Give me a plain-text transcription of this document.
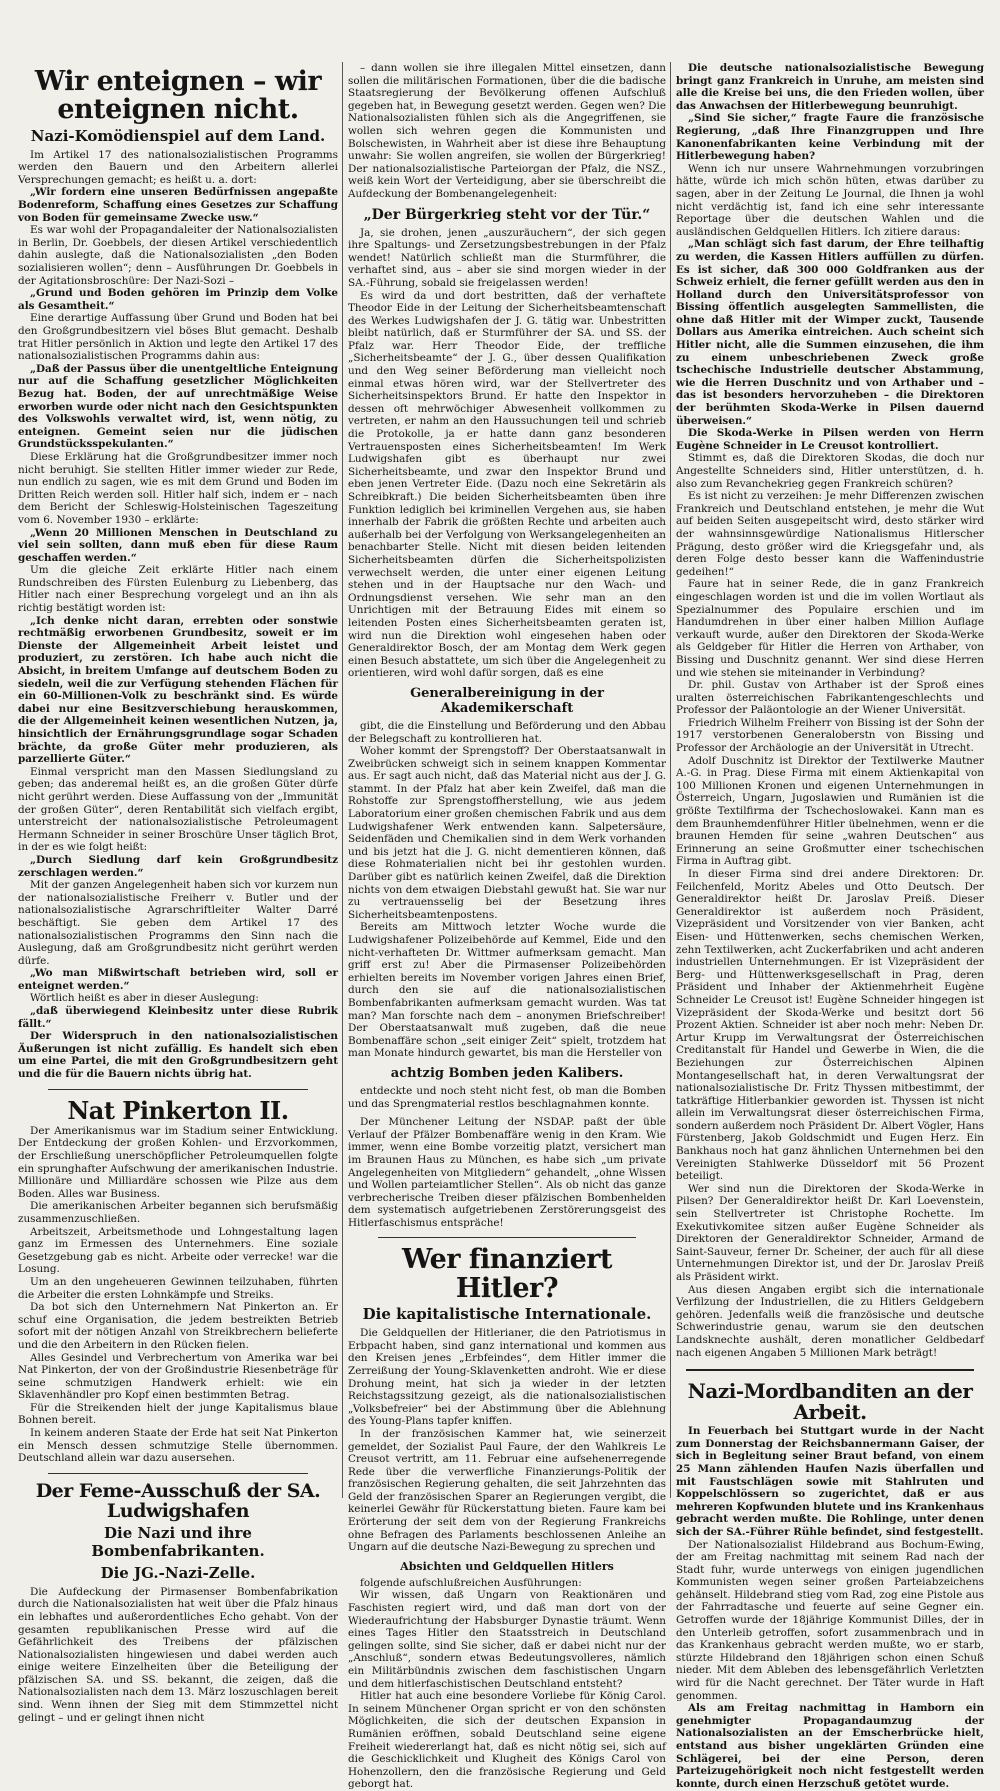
Wir enteignen – wir enteignen nicht.
Nazi-Komödienspiel auf dem Land.

Im Artikel 17 des nationalsozialistischen Programms werden den Bauern und den Arbeitern allerlei Versprechungen gemacht; es heißt u. a. dort:

„Wir fordern eine unseren Bedürfnissen angepaßte Bodenreform, Schaffung eines Gesetzes zur Schaffung von Boden für gemeinsame Zwecke usw.“

Es war wohl der Propagandaleiter der Nationalsozialisten in Berlin, Dr. Goebbels, der diesen Artikel verschiedentlich dahin auslegte, daß die Nationalsozialisten „den Boden sozialisieren wollen“; denn – Ausführungen Dr. Goebbels in der Agitationsbroschüre: Der Nazi-Sozi –

„Grund und Boden gehören im Prinzip dem Volke als Gesamtheit.“

Eine derartige Auffassung über Grund und Boden hat bei den Großgrundbesitzern viel böses Blut gemacht. Deshalb trat Hitler persönlich in Aktion und legte den Artikel 17 des nationalsozialistischen Programms dahin aus:

„Daß der Passus über die unentgeltliche Enteignung nur auf die Schaffung gesetzlicher Möglichkeiten Bezug hat. Boden, der auf unrechtmäßige Weise erworben wurde oder nicht nach den Gesichtspunkten des Volkswohls verwaltet wird, ist, wenn nötig, zu enteignen. Gemeint seien nur die jüdischen Grundstücksspekulanten.“

Diese Erklärung hat die Großgrundbesitzer immer noch nicht beruhigt. Sie stellten Hitler immer wieder zur Rede, nun endlich zu sagen, wie es mit dem Grund und Boden im Dritten Reich werden soll. Hitler half sich, indem er – nach dem Bericht der Schleswig-Holsteinischen Tageszeitung vom 6. November 1930 – erklärte:

„Wenn 20 Millionen Menschen in Deutschland zu viel sein sollten, dann muß eben für diese Raum geschaffen werden.“

Um die gleiche Zeit erklärte Hitler nach einem Rundschreiben des Fürsten Eulenburg zu Liebenberg, das Hitler nach einer Besprechung vorgelegt und an ihn als richtig bestätigt worden ist:

„Ich denke nicht daran, errebten oder sonstwie rechtmäßig erworbenen Grundbesitz, soweit er im Dienste der Allgemeinheit Arbeit leistet und produziert, zu zerstören. Ich habe auch nicht die Absicht, in breitem Umfange auf deutschem Boden zu siedeln, weil die zur Verfügung stehenden Flächen für ein 60-Millionen-Volk zu beschränkt sind. Es würde dabei nur eine Besitzverschiebung herauskommen, die der Allgemeinheit keinen wesentlichen Nutzen, ja, hinsichtlich der Ernährungsgrundlage sogar Schaden brächte, da große Güter mehr produzieren, als parzellierte Güter.“

Einmal verspricht man den Massen Siedlungsland zu geben; das anderemal heißt es, an die großen Güter dürfe nicht gerührt werden. Diese Auffassung von der „Immunität der großen Güter“, deren Rentabilität sich vielfach ergibt, unterstreicht der nationalsozialistische Petroleumagent Hermann Schneider in seiner Broschüre Unser täglich Brot, in der es wie folgt heißt:

„Durch Siedlung darf kein Großgrundbesitz zerschlagen werden.“

Mit der ganzen Angelegenheit haben sich vor kurzem nun der nationalsozialistische Freiherr v. Butler und der nationalsozialistische Agrarschriftleiter Walter Darré beschäftigt. Sie geben dem Artikel 17 des nationalsozialistischen Programms den Sinn nach die Auslegung, daß am Großgrundbesitz nicht gerührt werden dürfe.

„Wo man Mißwirtschaft betrieben wird, soll er enteignet werden.“

Wörtlich heißt es aber in dieser Auslegung:

„daß überwiegend Kleinbesitz unter diese Rubrik fällt.“

Der Widerspruch in den nationalsozialistischen Äußerungen ist nicht zufällig. Es handelt sich eben um eine Partei, die mit den Großgrundbesitzern geht und die für die Bauern nichts übrig hat.

Nat Pinkerton II.

Der Amerikanismus war im Stadium seiner Entwicklung. Der Entdeckung der großen Kohlen- und Erzvorkommen, der Erschließung unerschöpflicher Petroleumquellen folgte ein sprunghafter Aufschwung der amerikanischen Industrie. Millionäre und Milliardäre schossen wie Pilze aus dem Boden. Alles war Business.

Die amerikanischen Arbeiter begannen sich berufsmäßig zusammenzuschließen.

Arbeitszeit, Arbeitsmethode und Lohngestaltung lagen ganz im Ermessen des Unternehmers. Eine soziale Gesetzgebung gab es nicht. Arbeite oder verrecke! war die Losung.

Um an den ungeheueren Gewinnen teilzuhaben, führten die Arbeiter die ersten Lohnkämpfe und Streiks.

Da bot sich den Unternehmern Nat Pinkerton an. Er schuf eine Organisation, die jedem bestreikten Betrieb sofort mit der nötigen Anzahl von Streikbrechern belieferte und die den Arbeitern in den Rücken fielen.

Alles Gesindel und Verbrechertum von Amerika war bei Nat Pinkerton, der von der Großindustrie Riesenbeträge für seine schmutzigen Handwerk erhielt: wie ein Sklavenhändler pro Kopf einen bestimmten Betrag.

Für die Streikenden hielt der junge Kapitalismus blaue Bohnen bereit.

In keinem anderen Staate der Erde hat seit Nat Pinkerton ein Mensch dessen schmutzige Stelle übernommen. Deutschland allein war dazu ausersehen.

Der Feme-Ausschuß der SA. Ludwigshafen
Die Nazi und ihre Bombenfabrikanten.
Die JG.-Nazi-Zelle.

Die Aufdeckung der Pirmasenser Bombenfabrikation durch die Nationalsozialisten hat weit über die Pfalz hinaus ein lebhaftes und außerordentliches Echo gehabt. Von der gesamten republikanischen Presse wird auf die Gefährlichkeit des Treibens der pfälzischen Nationalsozialisten hingewiesen und dabei werden auch einige weitere Einzelheiten über die Beteiligung der pfälzischen SA. und SS. bekannt, die zeigen, daß die Nationalsozialisten nach dem 13. März loszuschlagen bereit sind. Wenn ihnen der Sieg mit dem Stimmzettel nicht gelingt – und er gelingt ihnen nicht

– dann wollen sie ihre illegalen Mittel einsetzen, dann sollen die militärischen Formationen, über die die badische Staatsregierung der Bevölkerung offenen Aufschluß gegeben hat, in Bewegung gesetzt werden. Gegen wen? Die Nationalsozialisten fühlen sich als die Angegriffenen, sie wollen sich wehren gegen die Kommunisten und Bolschewisten, in Wahrheit aber ist diese ihre Behauptung unwahr: Sie wollen angreifen, sie wollen der Bürgerkrieg! Der nationalsozialistische Parteiorgan der Pfalz, die NSZ., weiß kein Wort der Verteidigung, aber sie überschreibt die Aufdeckung der Bombenangelegenheit:

„Der Bürgerkrieg steht vor der Tür.“

Ja, sie drohen, jenen „auszuräuchern“, der sich gegen ihre Spaltungs- und Zersetzungsbestrebungen in der Pfalz wendet! Natürlich schließt man die Sturmführer, die verhaftet sind, aus – aber sie sind morgen wieder in der SA.-Führung, sobald sie freigelassen werden!

Es wird da und dort bestritten, daß der verhaftete Theodor Eide in der Leitung der Sicherheitsbeamtenschaft des Werkes Ludwigshafen der J. G. tätig war. Unbestritten bleibt natürlich, daß er Sturmführer der SA. und SS. der Pfalz war. Herr Theodor Eide, der treffliche „Sicherheitsbeamte“ der J. G., über dessen Qualifikation und den Weg seiner Beförderung man vielleicht noch einmal etwas hören wird, war der Stellvertreter des Sicherheitsinspektors Brund. Er hatte den Inspektor in dessen oft mehrwöchiger Abwesenheit vollkommen zu vertreten, er nahm an den Haussuchungen teil und schrieb die Protokolle, ja er hatte dann ganz besonderen Vertrauensposten eines Sicherheitsbeamten! Im Werk Ludwigshafen gibt es überhaupt nur zwei Sicherheitsbeamte, und zwar den Inspektor Brund und eben jenen Vertreter Eide. (Dazu noch eine Sekretärin als Schreibkraft.) Die beiden Sicherheitsbeamten üben ihre Funktion lediglich bei kriminellen Vergehen aus, sie haben innerhalb der Fabrik die größten Rechte und arbeiten auch außerhalb bei der Verfolgung von Werksangelegenheiten an benachbarter Stelle. Nicht mit diesen beiden leitenden Sicherheitsbeamten dürfen die Sicherheitspolizisten verwechselt werden, die unter einer eigenen Leitung stehen und in der Hauptsache nur den Wach- und Ordnungsdienst versehen. Wie sehr man an den Unrichtigen mit der Betrauung Eides mit einem so leitenden Posten eines Sicherheitsbeamten geraten ist, wird nun die Direktion wohl eingesehen haben oder Generaldirektor Bosch, der am Montag dem Werk gegen einen Besuch abstattete, um sich über die Angelegenheit zu orientieren, wird wohl dafür sorgen, daß es eine

Generalbereinigung in der Akademikerschaft

gibt, die die Einstellung und Beförderung und den Abbau der Belegschaft zu kontrollieren hat.

Woher kommt der Sprengstoff? Der Oberstaatsanwalt in Zweibrücken schweigt sich in seinem knappen Kommentar aus. Er sagt auch nicht, daß das Material nicht aus der J. G. stammt. In der Pfalz hat aber kein Zweifel, daß man die Rohstoffe zur Sprengstoffherstellung, wie aus jedem Laboratorium einer großen chemischen Fabrik und aus dem Ludwigshafener Werk entwenden kann. Salpetersäure, Seidenfäden und Chemikalien sind in dem Werk vorhanden und bis jetzt hat die J. G. nicht dementieren können, daß diese Rohmaterialien nicht bei ihr gestohlen wurden. Darüber gibt es natürlich keinen Zweifel, daß die Direktion nichts von dem etwaigen Diebstahl gewußt hat. Sie war nur zu vertrauensselig bei der Besetzung ihres Sicherheitsbeamtenpostens.

Bereits am Mittwoch letzter Woche wurde die Ludwigshafener Polizeibehörde auf Kemmel, Eide und den nicht-verhafteten Dr. Wittmer aufmerksam gemacht. Man griff erst zu! Aber die Pirmasenser Polizeibehörden erhielten bereits im November vorigen Jahres einen Brief, durch den sie auf die nationalsozialistischen Bombenfabrikanten aufmerksam gemacht wurden. Was tat man? Man forschte nach dem – anonymen Briefschreiber! Der Oberstaatsanwalt muß zugeben, daß die neue Bombenaffäre schon „seit einiger Zeit“ spielt, trotzdem hat man Monate hindurch gewartet, bis man die Hersteller von

achtzig Bomben jeden Kalibers.

entdeckte und noch steht nicht fest, ob man die Bomben und das Sprengmaterial restlos beschlagnahmen konnte.

Der Münchener Leitung der NSDAP. paßt der üble Verlauf der Pfälzer Bombenaffäre wenig in den Kram. Wie immer, wenn eine Bombe vorzeitig platzt, versichert man im Braunen Haus zu München, es habe sich „um private Angelegenheiten von Mitgliedern“ gehandelt, „ohne Wissen und Wollen parteiamtlicher Stellen“. Als ob nicht das ganze verbrecherische Treiben dieser pfälzischen Bombenhelden dem systematisch aufgetriebenen Zerstörerungsgeist des Hitlerfaschismus entspräche!

Wer finanziert Hitler?
Die kapitalistische Internationale.

Die Geldquellen der Hitlerianer, die den Patriotismus in Erbpacht haben, sind ganz international und kommen aus den Kreisen jenes „Erbfeindes“, dem Hitler immer die Zerreißung der Young-Sklavenketten androht. Wie er diese Drohung meint, hat sich ja wieder in der letzten Reichstagssitzung gezeigt, als die nationalsozialistischen „Volksbefreier“ bei der Abstimmung über die Ablehnung des Young-Plans tapfer kniffen.

In der französischen Kammer hat, wie seinerzeit gemeldet, der Sozialist Paul Faure, der den Wahlkreis Le Creusot vertritt, am 11. Februar eine aufsehenerregende Rede über die verwerfliche Finanzierungs-Politik der französischen Regierung gehalten, die seit Jahrzehnten das Geld der französischen Sparer an Regierungen vergibt, die keinerlei Gewähr für Rückerstattung bieten. Faure kam bei Erörterung der seit dem von der Regierung Frankreichs ohne Befragen des Parlaments beschlossenen Anleihe an Ungarn auf die deutsche Nazi-Bewegung zu sprechen und

Absichten und Geldquellen Hitlers

folgende aufschlußreichen Ausführungen:

Wir wissen, daß Ungarn von Reaktionären und Faschisten regiert wird, und daß man dort von der Wiederaufrichtung der Habsburger Dynastie träumt. Wenn eines Tages Hitler den Staatsstreich in Deutschland gelingen sollte, sind Sie sicher, daß er dabei nicht nur der „Anschluß“, sondern etwas Bedeutungsvolleres, nämlich ein Militärbündnis zwischen dem faschistischen Ungarn und dem hitlerfaschistischen Deutschland entsteht?

Hitler hat auch eine besondere Vorliebe für König Carol. In seinem Münchener Organ spricht er von den schönsten Möglichkeiten, die sich der deutschen Expansion in Rumänien eröffnen, sobald Deutschland seine eigene Freiheit wiedererlangt hat, daß es nicht nötig sei, sich auf die Geschicklichkeit und Klugheit des Königs Carol von Hohenzollern, den die französische Regierung und Geld geborgt hat.

Die deutsche nationalsozialistische Bewegung bringt ganz Frankreich in Unruhe, am meisten sind alle die Kreise bei uns, die den Frieden wollen, über das Anwachsen der Hitlerbewegung beunruhigt.

„Sind Sie sicher,“ fragte Faure die französische Regierung, „daß Ihre Finanzgruppen und Ihre Kanonenfabrikanten keine Verbindung mit der Hitlerbewegung haben?

Wenn ich nur unsere Wahrnehmungen vorzubringen hätte, würde ich mich schön hüten, etwas darüber zu sagen, aber in der Zeitung Le Journal, die Ihnen ja wohl nicht verdächtig ist, fand ich eine sehr interessante Reportage über die deutschen Wahlen und die ausländischen Geldquellen Hitlers. Ich zitiere daraus:

„Man schlägt sich fast darum, der Ehre teilhaftig zu werden, die Kassen Hitlers auffüllen zu dürfen. Es ist sicher, daß 300 000 Goldfranken aus der Schweiz erhielt, die ferner gefüllt werden aus den in Holland durch den Universitätsprofessor von Bissing öffentlich ausgelegten Sammellisten, die ohne daß Hitler mit der Wimper zuckt, Tausende Dollars aus Amerika eintreichen. Auch scheint sich Hitler nicht, alle die Summen einzusehen, die ihm zu einem unbeschriebenen Zweck große tschechische Industrielle deutscher Abstammung, wie die Herren Duschnitz und von Arthaber und – das ist besonders hervorzuheben – die Direktoren der berühmten Skoda-Werke in Pilsen dauernd überweisen.“

Die Skoda-Werke in Pilsen werden von Herrn Eugène Schneider in Le Creusot kontrolliert.

Stimmt es, daß die Direktoren Skodas, die doch nur Angestellte Schneiders sind, Hitler unterstützen, d. h. also zum Revanchekrieg gegen Frankreich schüren?

Es ist nicht zu verzeihen: Je mehr Differenzen zwischen Frankreich und Deutschland entstehen, je mehr die Wut auf beiden Seiten ausgepeitscht wird, desto stärker wird der wahnsinnsgewürdige Nationalismus Hitlerscher Prägung, desto größer wird die Kriegsgefahr und, als deren Folge desto besser kann die Waffenindustrie gedeihen!“

Faure hat in seiner Rede, die in ganz Frankreich eingeschlagen worden ist und die im vollen Wortlaut als Spezialnummer des Populaire erschien und im Handumdrehen in über einer halben Million Auflage verkauft wurde, außer den Direktoren der Skoda-Werke als Geldgeber für Hitler die Herren von Arthaber, von Bissing und Duschnitz genannt. Wer sind diese Herren und wie stehen sie miteinander in Verbindung?

Dr. phil. Gustav von Arthaber ist der Sproß eines uralten österreichischen Fabrikantengeschlechts und Professor der Paläontologie an der Wiener Universität.

Friedrich Wilhelm Freiherr von Bissing ist der Sohn der 1917 verstorbenen Generaloberstn von Bissing und Professor der Archäologie an der Universität in Utrecht.

Adolf Duschnitz ist Direktor der Textilwerke Mautner A.-G. in Prag. Diese Firma mit einem Aktienkapital von 100 Millionen Kronen und eigenen Unternehmungen in Österreich, Ungarn, Jugoslawien und Rumänien ist die größte Textilfirma der Tschechoslowakei. Kann man es dem Braunhemdenführer Hitler übelnehmen, wenn er die braunen Hemden für seine „wahren Deutschen“ aus Erinnerung an seine Großmutter einer tschechischen Firma in Auftrag gibt.

In dieser Firma sind drei andere Direktoren: Dr. Feilchenfeld, Moritz Abeles und Otto Deutsch. Der Generaldirektor heißt Dr. Jaroslav Preiß. Dieser Generaldirektor ist außerdem noch Präsident, Vizepräsident und Vorsitzender von vier Banken, acht Eisen- und Hüttenwerken, sechs chemischen Werken, zehn Textilwerken, acht Zuckerfabriken und acht anderen industriellen Unternehmungen. Er ist Vizepräsident der Berg- und Hüttenwerksgesellschaft in Prag, deren Präsident und Inhaber der Aktienmehrheit Eugène Schneider Le Creusot ist! Eugène Schneider hingegen ist Vizepräsident der Skoda-Werke und besitzt dort 56 Prozent Aktien. Schneider ist aber noch mehr: Neben Dr. Artur Krupp im Verwaltungsrat der Österreichischen Creditanstalt für Handel und Gewerbe in Wien, die die Beziehungen zur Österreichischen Alpinen Montangesellschaft hat, in deren Verwaltungsrat der nationalsozialistische Dr. Fritz Thyssen mitbestimmt, der tatkräftige Hitlerbankier geworden ist. Thyssen ist nicht allein im Verwaltungsrat dieser österreichischen Firma, sondern außerdem noch Präsident Dr. Albert Vögler, Hans Fürstenberg, Jakob Goldschmidt und Eugen Herz. Ein Bankhaus noch hat ganz ähnlichen Unternehmen bei den Vereinigten Stahlwerke Düsseldorf mit 56 Prozent beteiligt.

Wer sind nun die Direktoren der Skoda-Werke in Pilsen? Der Generaldirektor heißt Dr. Karl Loevenstein, sein Stellvertreter ist Christophe Rochette. Im Exekutivkomitee sitzen außer Eugène Schneider als Direktoren der Generaldirektor Schneider, Armand de Saint-Sauveur, ferner Dr. Scheiner, der auch für all diese Unternehmungen Direktor ist, und der Dr. Jaroslav Preiß als Präsident wirkt.

Aus diesen Angaben ergibt sich die internationale Verfilzung der Industriellen, die zu Hitlers Geldgebern gehören. Jedenfalls weiß die französische und deutsche Schwerindustrie genau, warum sie den deutschen Landsknechte aushält, deren monatlicher Geldbedarf nach eigenen Angaben 5 Millionen Mark beträgt!

Nazi-Mordbanditen an der Arbeit.

In Feuerbach bei Stuttgart wurde in der Nacht zum Donnerstag der Reichsbannermann Gaiser, der sich in Begleitung seiner Braut befand, von einem 25 Mann zählenden Haufen Nazis überfallen und mit Faustschlägen sowie mit Stahlruten und Koppelschlössern so zugerichtet, daß er aus mehreren Kopfwunden blutete und ins Krankenhaus gebracht werden mußte. Die Rohlinge, unter denen sich der SA.-Führer Rühle befindet, sind festgestellt.

Der Nationalsozialist Hildebrand aus Bochum-Ewing, der am Freitag nachmittag mit seinem Rad nach der Stadt fuhr, wurde unterwegs von einigen jugendlichen Kommunisten wegen seiner großen Parteiabzeichens gehänselt. Hildebrand stieg vom Rad, zog eine Pistole aus der Fahrradtasche und feuerte auf seine Gegner ein. Getroffen wurde der 18jährige Kommunist Dilles, der in den Unterleib getroffen, sofort zusammenbrach und in das Krankenhaus gebracht werden mußte, wo er starb, stürzte Hildebrand den 18jährigen schon einen Schuß nieder. Mit dem Ableben des lebensgefährlich Verletzten wird für die Nacht gerechnet. Der Täter wurde in Haft genommen.

Als am Freitag nachmittag in Hamborn ein genehmigter Propagandaumzug der Nationalsozialisten an der Emscherbrücke hielt, entstand aus bisher ungeklärten Gründen eine Schlägerei, bei der eine Person, deren Parteizugehörigkeit noch nicht festgestellt werden konnte, durch einen Herzschuß getötet wurde.
